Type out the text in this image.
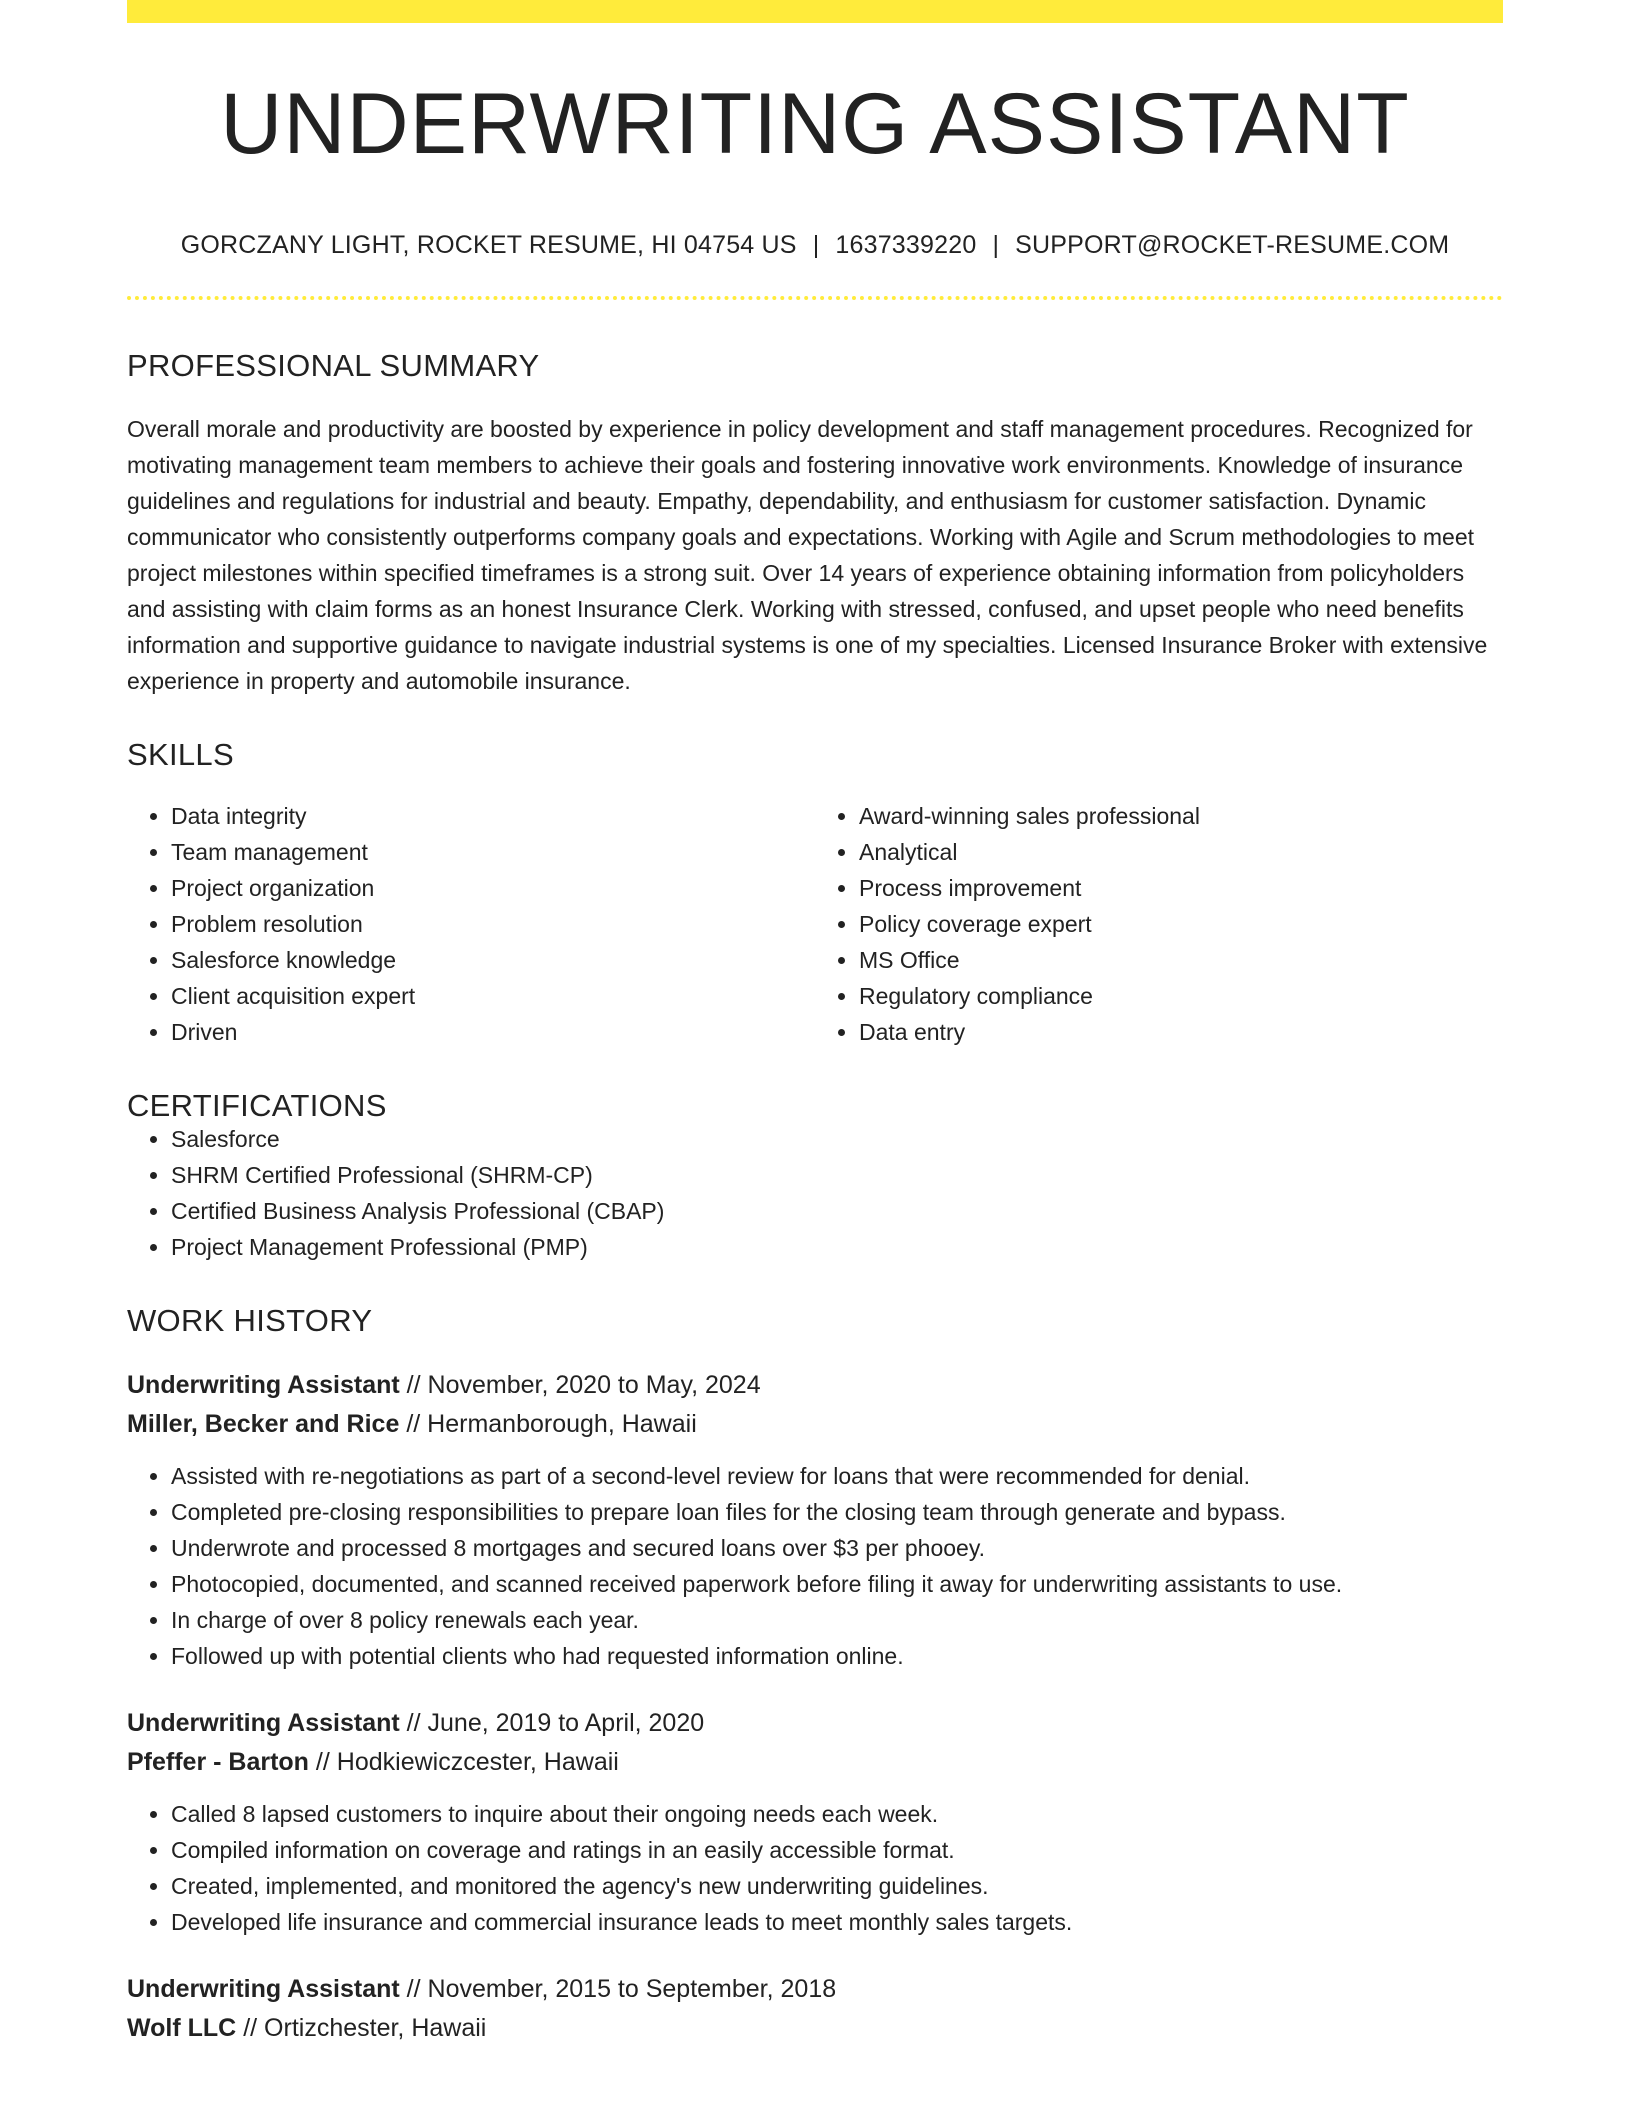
UNDERWRITING ASSISTANT
GORCZANY LIGHT, ROCKET RESUME, HI 04754 US | 1637339220 | SUPPORT@ROCKET-RESUME.COM
PROFESSIONAL SUMMARY

Overall morale and productivity are boosted by experience in policy development and staff management procedures. Recognized for motivating management team members to achieve their goals and fostering innovative work environments. Knowledge of insurance guidelines and regulations for industrial and beauty. Empathy, dependability, and enthusiasm for customer satisfaction. Dynamic communicator who consistently outperforms company goals and expectations. Working with Agile and Scrum methodologies to meet project milestones within specified timeframes is a strong suit. Over 14 years of experience obtaining information from policyholders and assisting with claim forms as an honest Insurance Clerk. Working with stressed, confused, and upset people who need benefits information and supportive guidance to navigate industrial systems is one of my specialties. Licensed Insurance Broker with extensive experience in property and automobile insurance.

SKILLS
• Data integrity
• Team management
• Project organization
• Problem resolution
• Salesforce knowledge
• Client acquisition expert
• Driven
• Award-winning sales professional
• Analytical
• Process improvement
• Policy coverage expert
• MS Office
• Regulatory compliance
• Data entry
CERTIFICATIONS
• Salesforce
• SHRM Certified Professional (SHRM-CP)
• Certified Business Analysis Professional (CBAP)
• Project Management Professional (PMP)
WORK HISTORY
Underwriting Assistant // November, 2020 to May, 2024
Miller, Becker and Rice // Hermanborough, Hawaii
• Assisted with re-negotiations as part of a second-level review for loans that were recommended for denial.
• Completed pre-closing responsibilities to prepare loan files for the closing team through generate and bypass.
• Underwrote and processed 8 mortgages and secured loans over $3 per phooey.
• Photocopied, documented, and scanned received paperwork before filing it away for underwriting assistants to use.
• In charge of over 8 policy renewals each year.
• Followed up with potential clients who had requested information online.
Underwriting Assistant // June, 2019 to April, 2020
Pfeffer - Barton // Hodkiewiczcester, Hawaii
• Called 8 lapsed customers to inquire about their ongoing needs each week.
• Compiled information on coverage and ratings in an easily accessible format.
• Created, implemented, and monitored the agency's new underwriting guidelines.
• Developed life insurance and commercial insurance leads to meet monthly sales targets.
Underwriting Assistant // November, 2015 to September, 2018
Wolf LLC // Ortizchester, Hawaii
